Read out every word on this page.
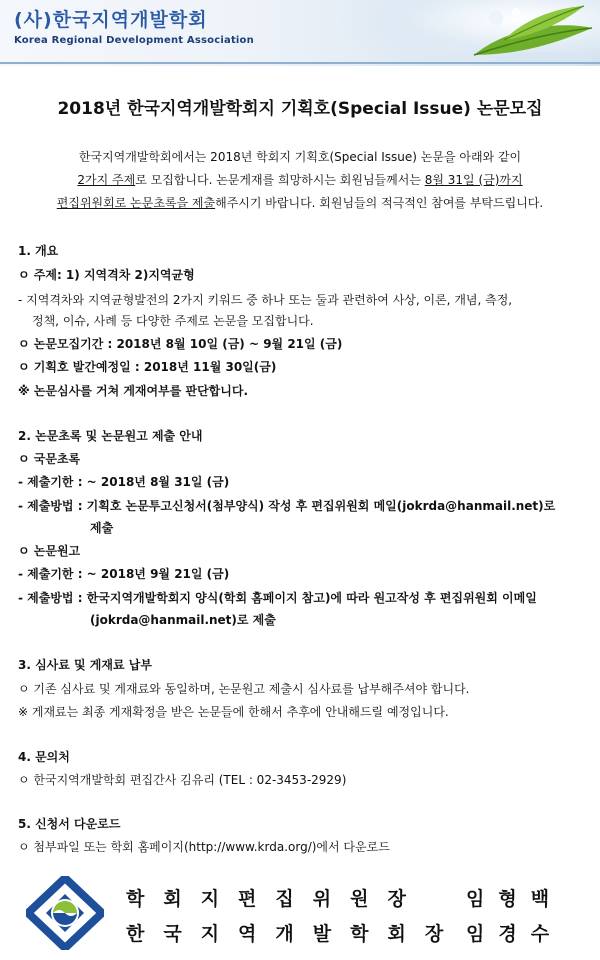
(사)한국지역개발학회
Korea Regional Development Association
2018년 한국지역개발학회지 기획호(Special Issue) 논문모집
한국지역개발학회에서는 2018년 학회지 기획호(Special Issue) 논문을 아래와 같이
2가지 주제로 모집합니다. 논문게재를 희망하시는 회원님들께서는 8월 31일 (금)까지
편집위원회로 논문초록을 제출해주시기 바랍니다. 회원님들의 적극적인 참여를 부탁드립니다.
1. 개요
ㅇ 주제: 1) 지역격차 2)지역균형
- 지역격차와 지역균형발전의 2가지 키워드 중 하나 또는 둘과 관련하여 사상, 이론, 개념, 측정,
정책, 이슈, 사례 등 다양한 주제로 논문을 모집합니다.
ㅇ 논문모집기간 : 2018년 8월 10일 (금) ~ 9월 21일 (금)
ㅇ 기획호 발간예정일 : 2018년 11월 30일(금)
※ 논문심사를 거쳐 게재여부를 판단합니다.
2. 논문초록 및 논문원고 제출 안내
ㅇ 국문초록
- 제출기한 : ~ 2018년 8월 31일 (금)
- 제출방법 : 기획호 논문투고신청서(첨부양식) 작성 후 편집위원회 메일(jokrda@hanmail.net)로
제출
ㅇ 논문원고
- 제출기한 : ~ 2018년 9월 21일 (금)
- 제출방법 : 한국지역개발학회지 양식(학회 홈페이지 참고)에 따라 원고작성 후 편집위원회 이메일
(jokrda@hanmail.net)로 제출
3. 심사료 및 게재료 납부
ㅇ 기존 심사료 및 게재료와 동일하며, 논문원고 제출시 심사료를 납부해주셔야 합니다.
※ 게재료는 최종 게재확정을 받은 논문들에 한해서 추후에 안내해드릴 예정입니다.
4. 문의처
ㅇ 한국지역개발학회 편집간사 김유리 (TEL : 02-3453-2929)
5. 신청서 다운로드
ㅇ 첨부파일 또는 학회 홈페이지(http://www.krda.org/)에서 다운로드
학회지편집위원장 임형백
한국지역개발학회장 임경수
